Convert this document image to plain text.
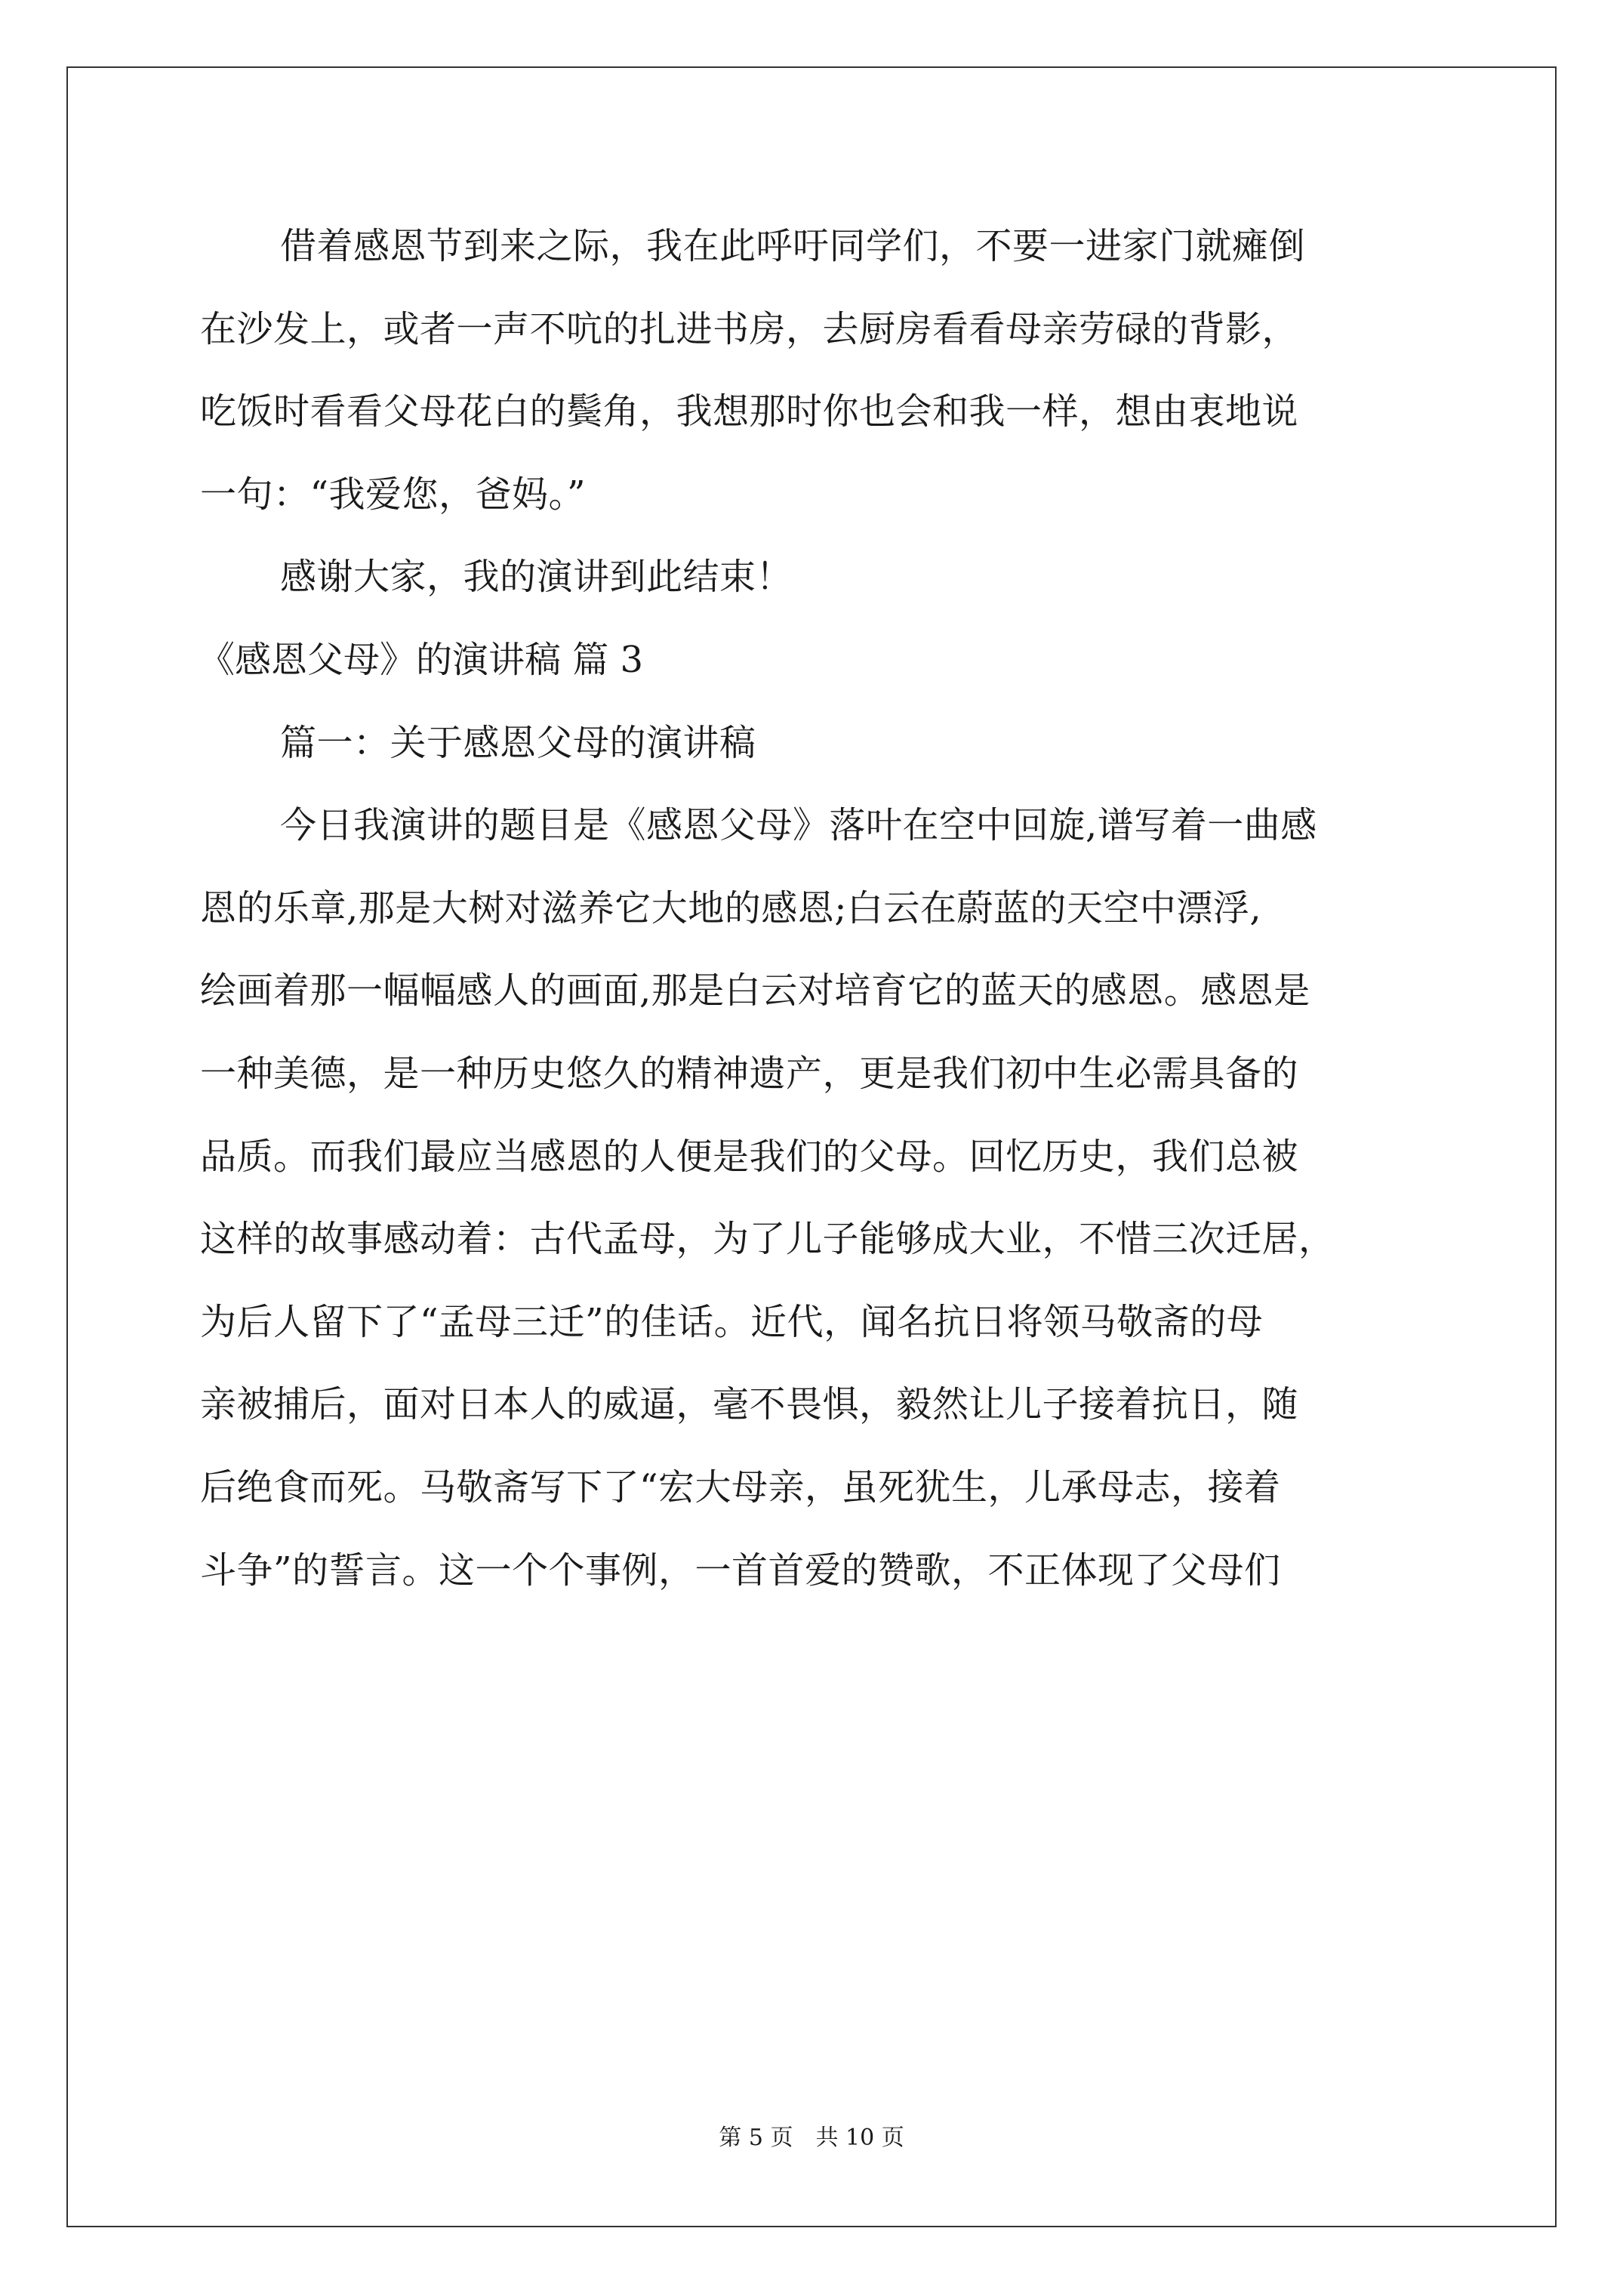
借着感恩节到来之际，我在此呼吁同学们，不要一进家门就瘫倒
在沙发上，或者一声不吭的扎进书房，去厨房看看母亲劳碌的背影，
吃饭时看看父母花白的鬓角，我想那时你也会和我一样，想由衷地说
一句：“我爱您，爸妈。”
感谢大家，我的演讲到此结束！
《感恩父母》的演讲稿 篇 3
篇一：关于感恩父母的演讲稿
今日我演讲的题目是《感恩父母》落叶在空中回旋,谱写着一曲感
恩的乐章,那是大树对滋养它大地的感恩;白云在蔚蓝的天空中漂浮,
绘画着那一幅幅感人的画面,那是白云对培育它的蓝天的感恩。感恩是
一种美德，是一种历史悠久的精神遗产，更是我们初中生必需具备的
品质。而我们最应当感恩的人便是我们的父母。回忆历史，我们总被
这样的故事感动着：古代孟母，为了儿子能够成大业，不惜三次迁居，
为后人留下了“孟母三迁”的佳话。近代，闻名抗日将领马敬斋的母
亲被捕后，面对日本人的威逼，毫不畏惧，毅然让儿子接着抗日，随
后绝食而死。马敬斋写下了“宏大母亲，虽死犹生，儿承母志，接着
斗争”的誓言。这一个个事例，一首首爱的赞歌，不正体现了父母们
第 5 页　共 10 页
